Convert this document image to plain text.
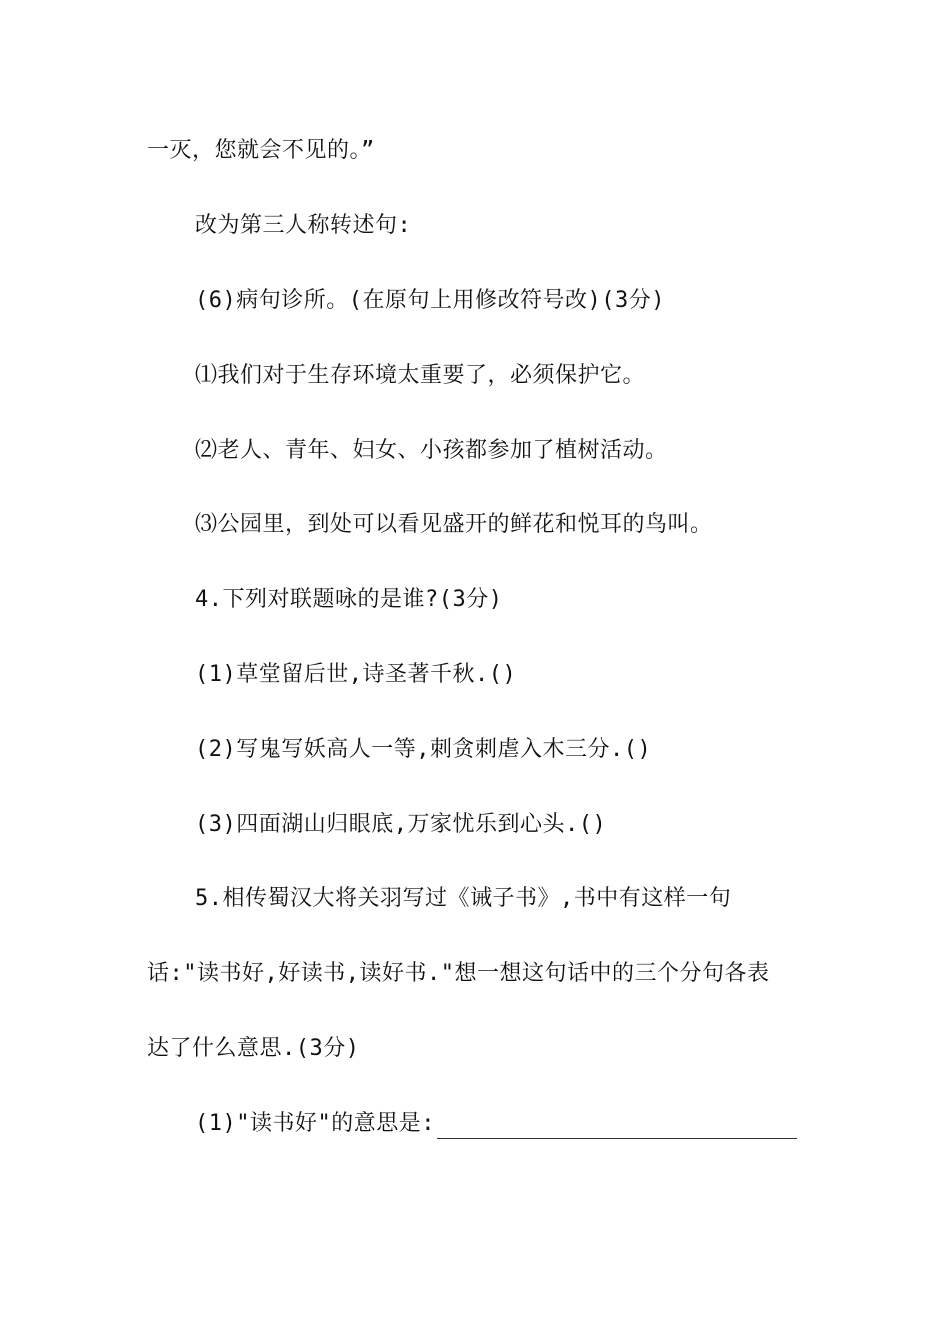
一灭，您就会不见的。”
改为第三人称转述句:
(6)病句诊所。(在原句上用修改符号改)(3分)
⑴我们对于生存环境太重要了，必须保护它。
⑵老人、青年、妇女、小孩都参加了植树活动。
⑶公园里，到处可以看见盛开的鲜花和悦耳的鸟叫。
4.下列对联题咏的是谁?(3分)
(1)草堂留后世,诗圣著千秋.()
(2)写鬼写妖高人一等,刺贪刺虐入木三分.()
(3)四面湖山归眼底,万家忧乐到心头.()
5.相传蜀汉大将关羽写过《诫子书》,书中有这样一句
话:"读书好,好读书,读好书."想一想这句话中的三个分句各表
达了什么意思.(3分)
(1)"读书好"的意思是:
